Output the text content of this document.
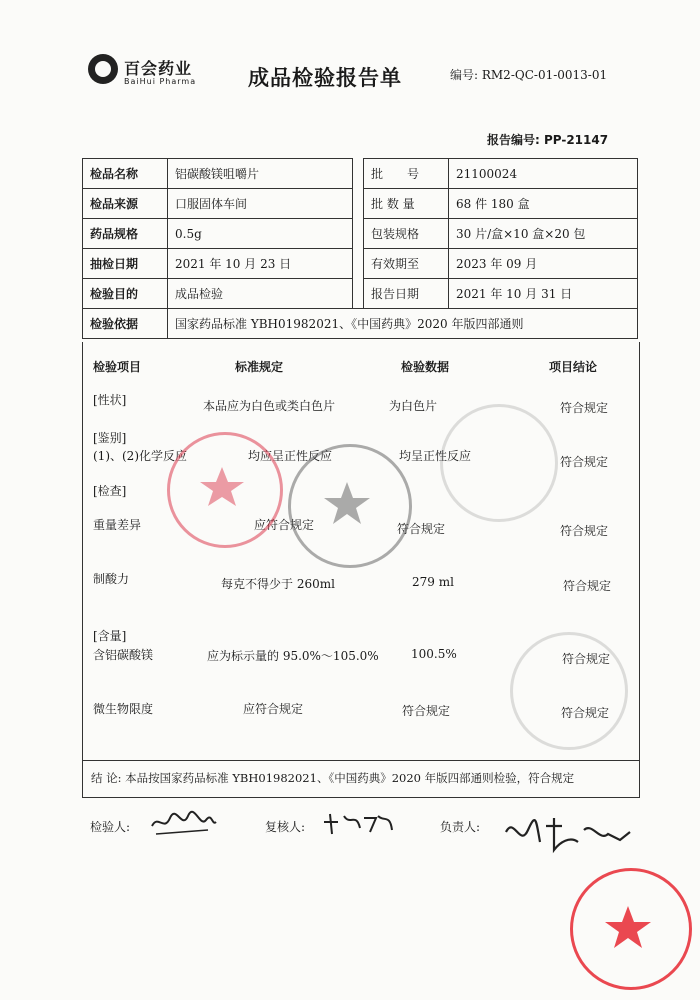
百会药业
BaiHui Pharma 成品检验报告单	编号: RM2-QC-01-0013-01
报告编号: PP-21147
检品名称	铝碳酸镁咀嚼片		批　　号	21100024
检品来源	口服固体车间		批 数 量	68 件 180 盒
药品规格	0.5g		包装规格	30 片/盒×10 盒×20 包
抽检日期	2021 年 10 月 23 日		有效期至	2023 年 09 月
检验目的	成品检验		报告日期	2021 年 10 月 31 日
检验依据	国家药品标准 YBH01982021、《中国药典》2020 年版四部通则			
检验项目	标准规定	检验数据	项目结论
[性状]	本品应为白色或类白色片	为白色片	符合规定
[鉴别]
(1)、(2)化学反应	均应呈正性反应	均呈正性反应	符合规定
[检查]
重量差异	应符合规定	符合规定	符合规定
制酸力	每克不得少于 260ml	279 ml	符合规定
[含量]
含铝碳酸镁	应为标示量的 95.0%～105.0%	100.5%	符合规定
微生物限度	应符合规定	符合规定	符合规定
结 论: 本品按国家药品标准 YBH01982021、《中国药典》2020 年版四部通则检验，符合规定
检验人:	复核人:	负责人:
